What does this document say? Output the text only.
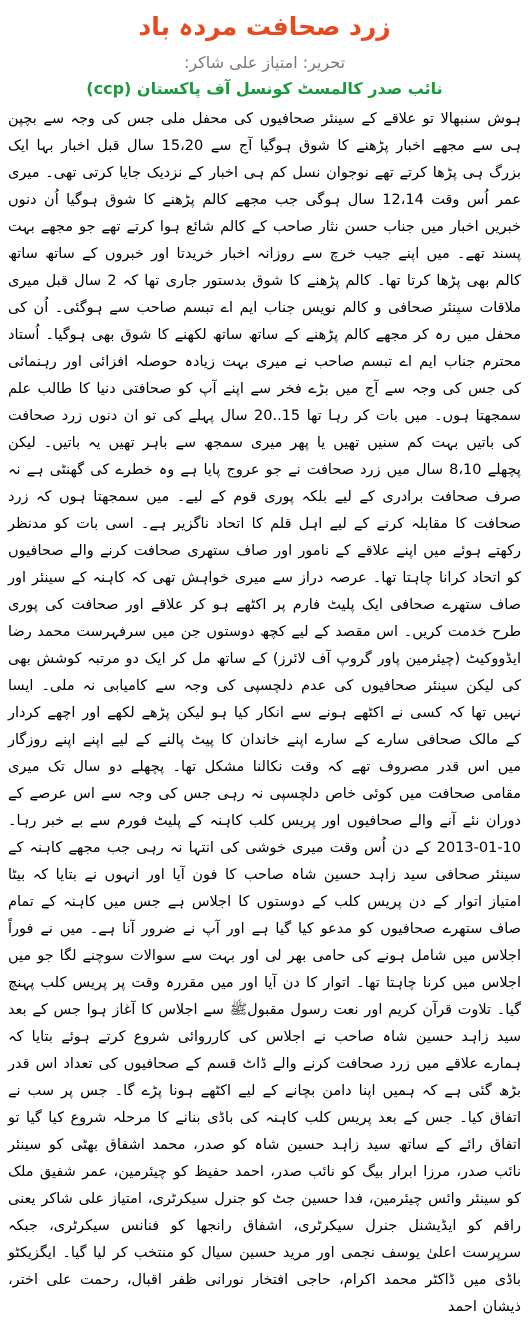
زرد صحافت مردہ باد
تحریر: امتیاز علی شاکر:
نائب صدر کالمسٹ کونسل آف پاکستان (ccp)

ہوش سنبھالا تو علاقے کے سینئر صحافیوں کی محفل ملی جس کی وجہ سے بچپن ہی سے مجھے اخبار پڑھنے کا شوق ہوگیا آج سے 15،20 سال قبل اخبار بہا ایک بزرگ ہی پڑھا کرتے تھے نوجوان نسل کم ہی اخبار کے نزدیک جایا کرتی تھی۔ میری عمر اُس وقت 12،14 سال ہوگی جب مجھے کالم پڑھنے کا شوق ہوگیا اُن دنوں خبریں اخبار میں جناب حسن نثار صاحب کے کالم شائع ہوا کرتے تھے جو مجھے بہت پسند تھے۔ میں اپنے جیب خرچ سے روزانہ اخبار خریدتا اور خبروں کے ساتھ ساتھ کالم بھی پڑھا کرتا تھا۔ کالم پڑھنے کا شوق بدستور جاری تھا کہ 2 سال قبل میری ملاقات سینئر صحافی و کالم نویس جناب ایم اے تبسم صاحب سے ہوگئی۔ اُن کی محفل میں رہ کر مجھے کالم پڑھنے کے ساتھ ساتھ لکھنے کا شوق بھی ہوگیا۔ اُستاد محترم جناب ایم اے تبسم صاحب نے میری بہت زیادہ حوصلہ افزائی اور رہنمائی کی جس کی وجہ سے آج میں بڑے فخر سے اپنے آپ کو صحافتی دنیا کا طالب علم سمجھتا ہوں۔ میں بات کر رہا تھا 15..20 سال پہلے کی تو ان دنوں زرد صحافت کی باتیں بہت کم سنیں تھیں یا پھر میری سمجھ سے باہر تھیں یہ باتیں۔ لیکن پچھلے 8،10 سال میں زرد صحافت نے جو عروج پایا ہے وہ خطرے کی گھنٹی ہے نہ صرف صحافت برادری کے لیے بلکہ پوری قوم کے لیے۔ میں سمجھتا ہوں کہ زرد صحافت کا مقابلہ کرنے کے لیے اہل قلم کا اتحاد ناگزیر ہے۔ اسی بات کو مدنظر رکھتے ہوئے میں اپنے علاقے کے نامور اور صاف ستھری صحافت کرنے والے صحافیوں کو اتحاد کرانا چاہتا تھا۔ عرصہ دراز سے میری خواہش تھی کہ کاہنہ کے سینئر اور صاف ستھرے صحافی ایک پلیٹ فارم پر اکٹھے ہو کر علاقے اور صحافت کی پوری طرح خدمت کریں۔ اس مقصد کے لیے کچھ دوستوں جن میں سرفہرست محمد رضا ایڈووکیٹ (چیئرمین پاور گروپ آف لائرز) کے ساتھ مل کر ایک دو مرتبہ کوشش بھی کی لیکن سینئر صحافیوں کی عدم دلچسپی کی وجہ سے کامیابی نہ ملی۔ ایسا نہیں تھا کہ کسی نے اکٹھے ہونے سے انکار کیا ہو لیکن پڑھے لکھے اور اچھے کردار کے مالک صحافی سارے کے سارے اپنے خاندان کا پیٹ پالنے کے لیے اپنے اپنے روزگار میں اس قدر مصروف تھے کہ وقت نکالنا مشکل تھا۔ پچھلے دو سال تک میری مقامی صحافت میں کوئی خاص دلچسپی نہ رہی جس کی وجہ سے اس عرصے کے دوران نئے آنے والے صحافیوں اور پریس کلب کاہنہ کے پلیٹ فورم سے بے خبر رہا۔ 10-01-2013 کے دن اُس وقت میری خوشی کی انتہا نہ رہی جب مجھے کاہنہ کے سینئر صحافی سید زاہد حسین شاہ صاحب کا فون آیا اور انہوں نے بتایا کہ بیٹا امتیاز اتوار کے دن پریس کلب کے دوستوں کا اجلاس ہے جس میں کاہنہ کے تمام صاف ستھرے صحافیوں کو مدعو کیا گیا ہے اور آپ نے ضرور آنا ہے۔ میں نے فوراً اجلاس میں شامل ہونے کی حامی بھر لی اور بہت سے سوالات سوچنے لگا جو میں اجلاس میں کرنا چاہتا تھا۔ اتوار کا دن آیا اور میں مقررہ وقت پر پریس کلب پہنچ گیا۔ تلاوت قرآن کریم اور نعت رسول مقبولﷺ سے اجلاس کا آغاز ہوا جس کے بعد سید زاہد حسین شاہ صاحب نے اجلاس کی کارروائی شروع کرتے ہوئے بتایا کہ ہمارے علاقے میں زرد صحافت کرنے والے ڈاٹ قسم کے صحافیوں کی تعداد اس قدر بڑھ گئی ہے کہ ہمیں اپنا دامن بچانے کے لیے اکٹھے ہونا پڑے گا۔ جس پر سب نے اتفاق کیا۔ جس کے بعد پریس کلب کاہنہ کی باڈی بنانے کا مرحلہ شروع کیا گیا تو اتفاق رائے کے ساتھ سید زاہد حسین شاہ کو صدر، محمد اشفاق بھٹی کو سینئر نائب صدر، مرزا ابرار بیگ کو نائب صدر، احمد حفیظ کو چیئرمین، عمر شفیق ملک کو سینئر وائس چیئرمین، فدا حسین جٹ کو جنرل سیکرٹری، امتیاز علی شاکر یعنی راقم کو ایڈیشنل جنرل سیکرٹری، اشفاق رانجھا کو فنانس سیکرٹری، جبکہ سرپرست اعلیٰ یوسف نجمی اور مرید حسین سیال کو منتخب کر لیا گیا۔ ایگزیکٹو باڈی میں ڈاکٹر محمد اکرام، حاجی افتخار نورانی ظفر اقبال، رحمت علی اختر، ذیشان احمد
